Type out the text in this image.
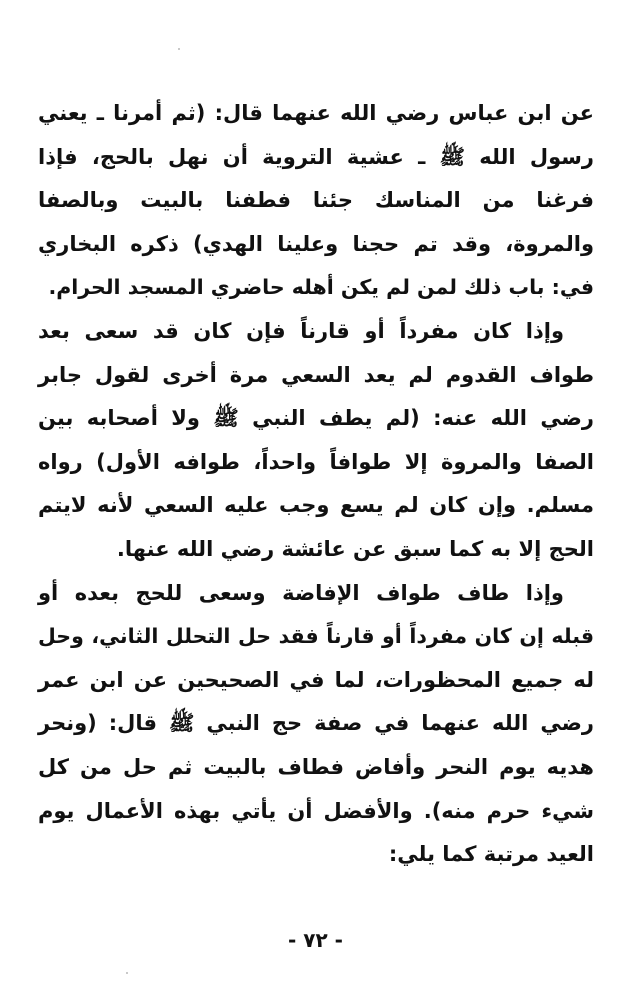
عن ابن عباس رضي الله عنهما قال: (ثم أمرنا ـ يعني
رسول الله ﷺ ـ عشية التروية أن نهل بالحج، فإذا
فرغنا من المناسك جئنا فطفنا بالبيت وبالصفا
والمروة، وقد تم حجنا وعلينا الهدي) ذكره البخاري
في: باب ذلك لمن لم يكن أهله حاضري المسجد الحرام.
وإذا كان مفرداً أو قارناً فإن كان قد سعى بعد
طواف القدوم لم يعد السعي مرة أخرى لقول جابر
رضي الله عنه: (لم يطف النبي ﷺ ولا أصحابه بين
الصفا والمروة إلا طوافاً واحداً، طوافه الأول) رواه
مسلم. وإن كان لم يسع وجب عليه السعي لأنه لايتم
الحج إلا به كما سبق عن عائشة رضي الله عنها.
وإذا طاف طواف الإفاضة وسعى للحج بعده أو
قبله إن كان مفرداً أو قارناً فقد حل التحلل الثاني، وحل
له جميع المحظورات، لما في الصحيحين عن ابن عمر
رضي الله عنهما في صفة حج النبي ﷺ قال: (ونحر
هديه يوم النحر وأفاض فطاف بالبيت ثم حل من كل
شيء حرم منه). والأفضل أن يأتي بهذه الأعمال يوم
العيد مرتبة كما يلي:
- ٧٢ -
